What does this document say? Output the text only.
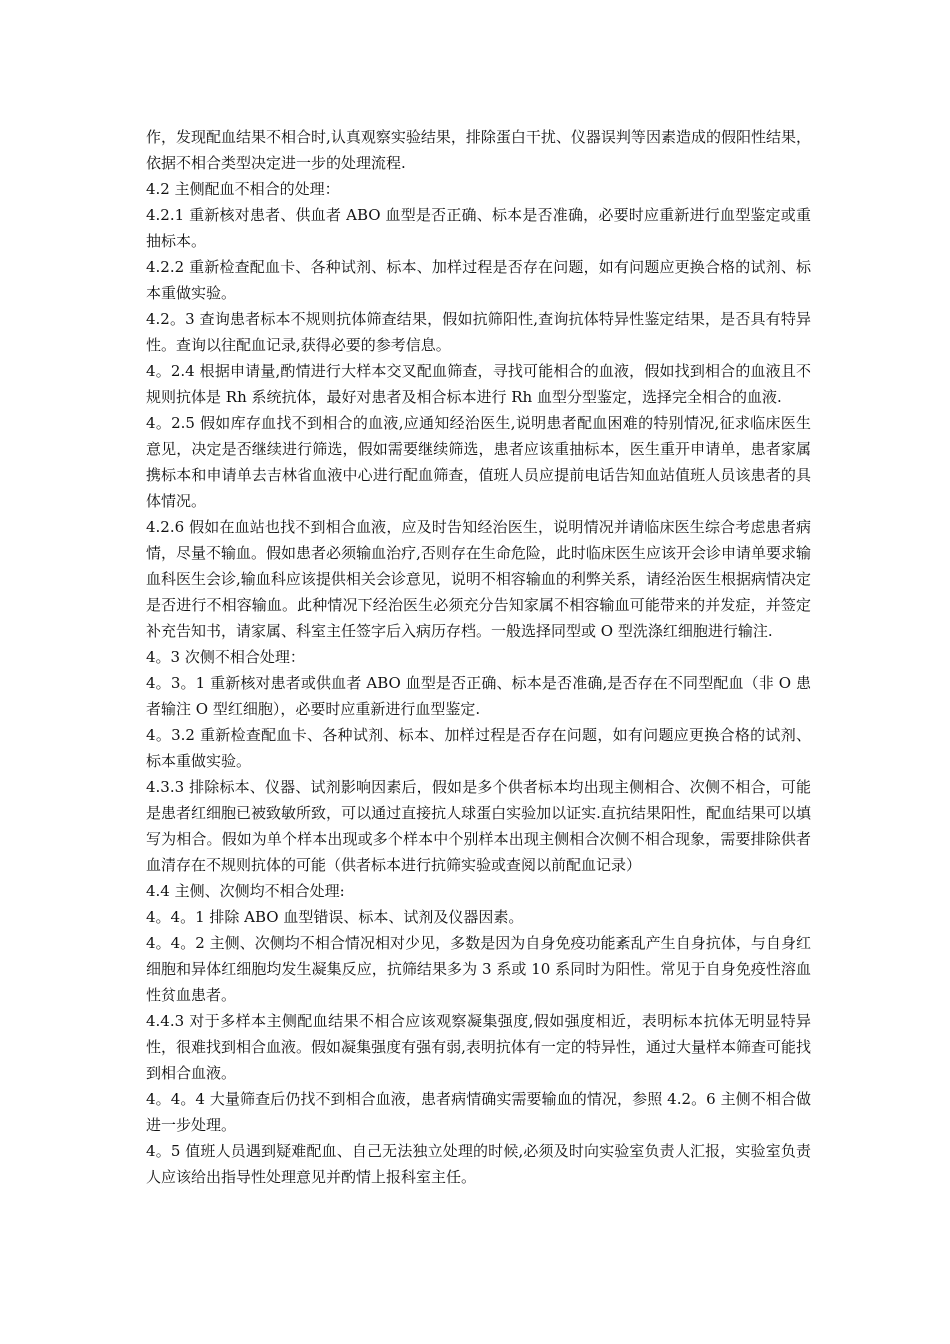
作，发现配血结果不相合时,认真观察实验结果，排除蛋白干扰、仪器误判等因素造成的假阳性结果，依据不相合类型决定进一步的处理流程.

4.2 主侧配血不相合的处理：

4.2.1 重新核对患者、供血者 ABO 血型是否正确、标本是否准确，必要时应重新进行血型鉴定或重抽标本。

4.2.2 重新检查配血卡、各种试剂、标本、加样过程是否存在问题，如有问题应更换合格的试剂、标本重做实验。

4.2。3 查询患者标本不规则抗体筛查结果，假如抗筛阳性,查询抗体特异性鉴定结果，是否具有特异性。查询以往配血记录,获得必要的参考信息。

4。2.4 根据申请量,酌情进行大样本交叉配血筛查，寻找可能相合的血液，假如找到相合的血液且不规则抗体是 Rh 系统抗体，最好对患者及相合标本进行 Rh 血型分型鉴定，选择完全相合的血液.

4。2.5 假如库存血找不到相合的血液,应通知经治医生,说明患者配血困难的特别情况,征求临床医生意见，决定是否继续进行筛选，假如需要继续筛选，患者应该重抽标本，医生重开申请单，患者家属携标本和申请单去吉林省血液中心进行配血筛查，值班人员应提前电话告知血站值班人员该患者的具体情况。

4.2.6 假如在血站也找不到相合血液，应及时告知经治医生，说明情况并请临床医生综合考虑患者病情，尽量不输血。假如患者必须输血治疗,否则存在生命危险，此时临床医生应该开会诊申请单要求输血科医生会诊,输血科应该提供相关会诊意见，说明不相容输血的利弊关系，请经治医生根据病情决定是否进行不相容输血。此种情况下经治医生必须充分告知家属不相容输血可能带来的并发症，并签定补充告知书，请家属、科室主任签字后入病历存档。一般选择同型或 O 型洗涤红细胞进行输注.

4。3 次侧不相合处理：

4。3。1 重新核对患者或供血者 ABO 血型是否正确、标本是否准确,是否存在不同型配血（非 O 患者输注 O 型红细胞），必要时应重新进行血型鉴定.

4。3.2 重新检查配血卡、各种试剂、标本、加样过程是否存在问题，如有问题应更换合格的试剂、标本重做实验。

4.3.3 排除标本、仪器、试剂影响因素后，假如是多个供者标本均出现主侧相合、次侧不相合，可能是患者红细胞已被致敏所致，可以通过直接抗人球蛋白实验加以证实.直抗结果阳性，配血结果可以填写为相合。假如为单个样本出现或多个样本中个别样本出现主侧相合次侧不相合现象，需要排除供者血清存在不规则抗体的可能（供者标本进行抗筛实验或查阅以前配血记录）

4.4 主侧、次侧均不相合处理:

4。4。1 排除 ABO 血型错误、标本、试剂及仪器因素。

4。4。2 主侧、次侧均不相合情况相对少见，多数是因为自身免疫功能紊乱产生自身抗体，与自身红细胞和异体红细胞均发生凝集反应，抗筛结果多为 3 系或 10 系同时为阳性。常见于自身免疫性溶血性贫血患者。

4.4.3 对于多样本主侧配血结果不相合应该观察凝集强度,假如强度相近，表明标本抗体无明显特异性，很难找到相合血液。假如凝集强度有强有弱,表明抗体有一定的特异性，通过大量样本筛查可能找到相合血液。

4。4。4 大量筛查后仍找不到相合血液，患者病情确实需要输血的情况，参照 4.2。6 主侧不相合做进一步处理。

4。5 值班人员遇到疑难配血、自己无法独立处理的时候,必须及时向实验室负责人汇报，实验室负责人应该给出指导性处理意见并酌情上报科室主任。
